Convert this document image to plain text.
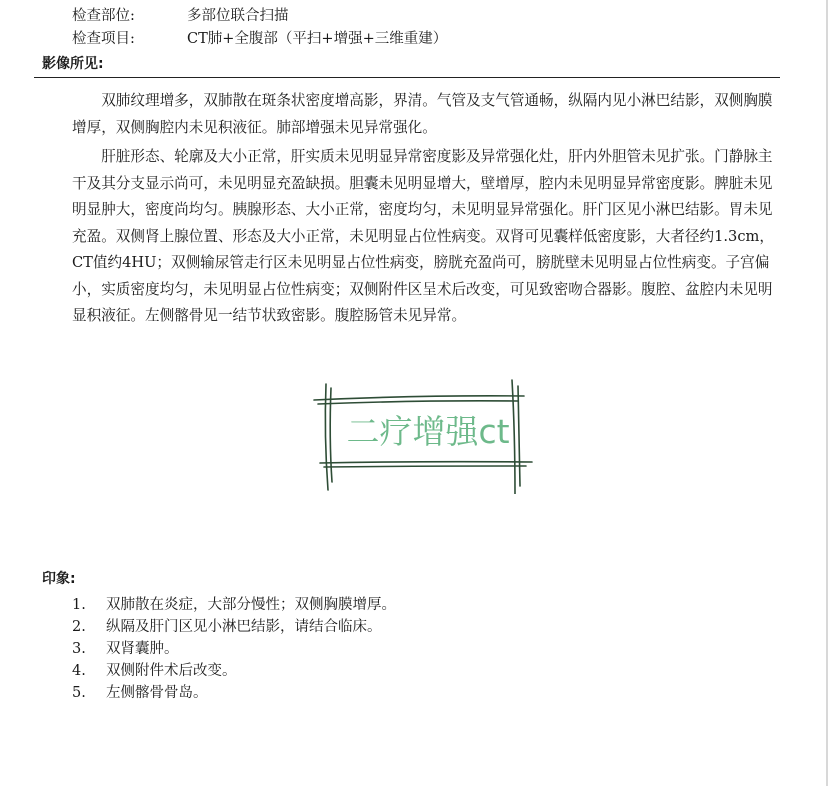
检查部位:	多部位联合扫描
检查项目:	CT肺+全腹部（平扫+增强+三维重建）
影像所见:

双肺纹理增多，双肺散在斑条状密度增高影，界清。气管及支气管通畅，纵隔内见小淋巴结影，双侧胸膜增厚，双侧胸腔内未见积液征。肺部增强未见异常强化。

肝脏形态、轮廓及大小正常，肝实质未见明显异常密度影及异常强化灶，肝内外胆管未见扩张。门静脉主干及其分支显示尚可，未见明显充盈缺损。胆囊未见明显增大，壁增厚，腔内未见明显异常密度影。脾脏未见明显肿大，密度尚均匀。胰腺形态、大小正常，密度均匀，未见明显异常强化。肝门区见小淋巴结影。胃未见充盈。双侧肾上腺位置、形态及大小正常，未见明显占位性病变。双肾可见囊样低密度影，大者径约1.3cm，CT值约4HU；双侧输尿管走行区未见明显占位性病变，膀胱充盈尚可，膀胱壁未见明显占位性病变。子宫偏小，实质密度均匀，未见明显占位性病变；双侧附件区呈术后改变，可见致密吻合器影。腹腔、盆腔内未见明显积液征。左侧髂骨见一结节状致密影。腹腔肠管未见异常。

二疗增强ct
印象:
1. 双肺散在炎症，大部分慢性；双侧胸膜增厚。
2. 纵隔及肝门区见小淋巴结影，请结合临床。
3. 双肾囊肿。
4. 双侧附件术后改变。
5. 左侧髂骨骨岛。
